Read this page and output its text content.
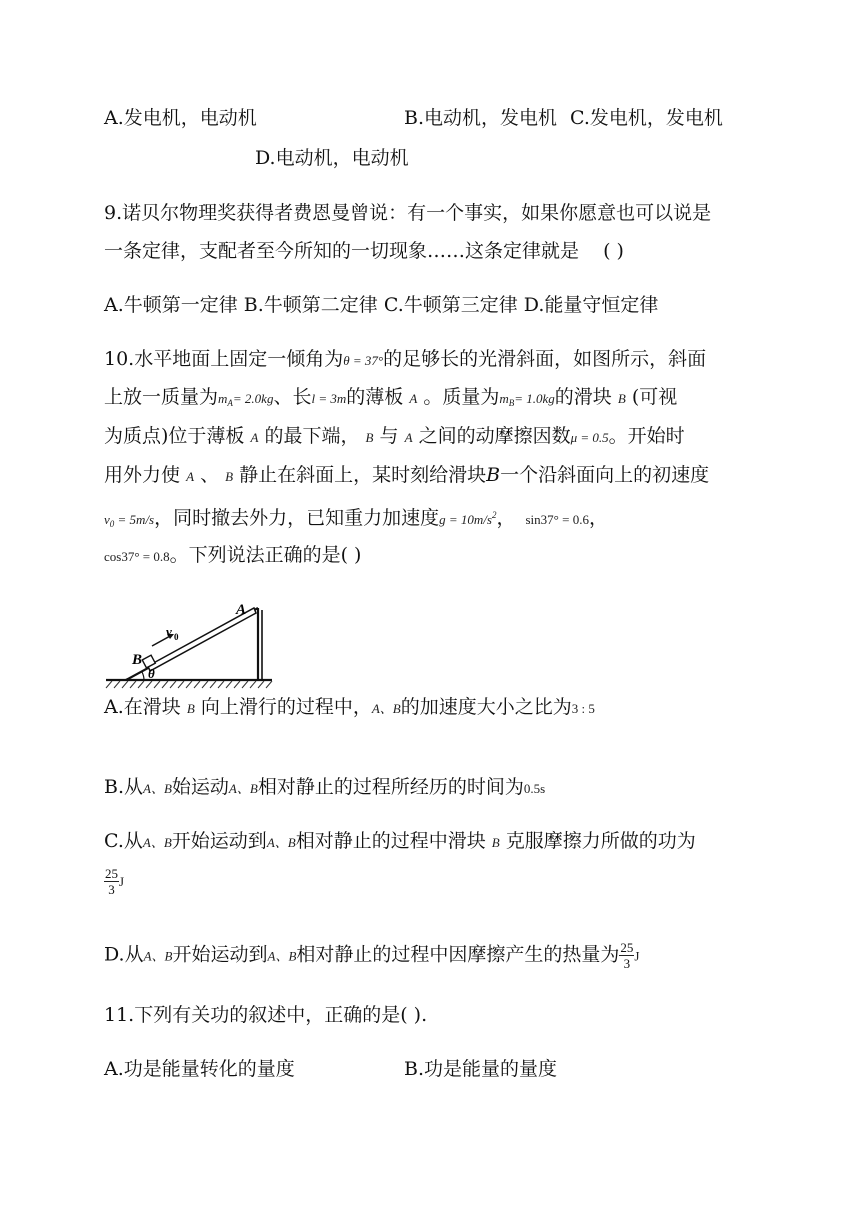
A.发电机，电动机	B.电动机，发电机 C.发电机，发电机
D.电动机，电动机
9.诺贝尔物理奖获得者费恩曼曾说：有一个事实，如果你愿意也可以说是
一条定律，支配者至今所知的一切现象……这条定律就是 ( )
A.牛顿第一定律 B.牛顿第二定律 C.牛顿第三定律 D.能量守恒定律
10.水平地面上固定一倾角为θ = 37°的足够长的光滑斜面，如图所示，斜面
上放一质量为$m_A= 2.0kg$、长l = 3m的薄板 A 。质量为$m_B= 1.0kg$的滑块 B (可视
为质点)位于薄板 A 的最下端， B 与 A 之间的动摩擦因数μ = 0.5。开始时
用外力使 A 、 B 静止在斜面上，某时刻给滑块B一个沿斜面向上的初速度
$v_0 = 5m/s$，同时撤去外力，已知重力加速度$g = 10m/s^2$， sin37° = 0.6，
cos37° = 0.8。下列说法正确的是( )
A
B
v 0
θ
A.在滑块 B 向上滑行的过程中，A、B的加速度大小之比为3 : 5
B.从A、B始运动A、B相对静止的过程所经历的时间为0.5s
C.从A、B开始运动到A、B相对静止的过程中滑块 B 克服摩擦力所做的功为
$\frac{25}{3}$ J
D.从A、B开始运动到A、B相对静止的过程中因摩擦产生的热量为 $\frac{25}{3}$ J
11.下列有关功的叙述中，正确的是( ).
A.功是能量转化的量度	B.功是能量的量度
